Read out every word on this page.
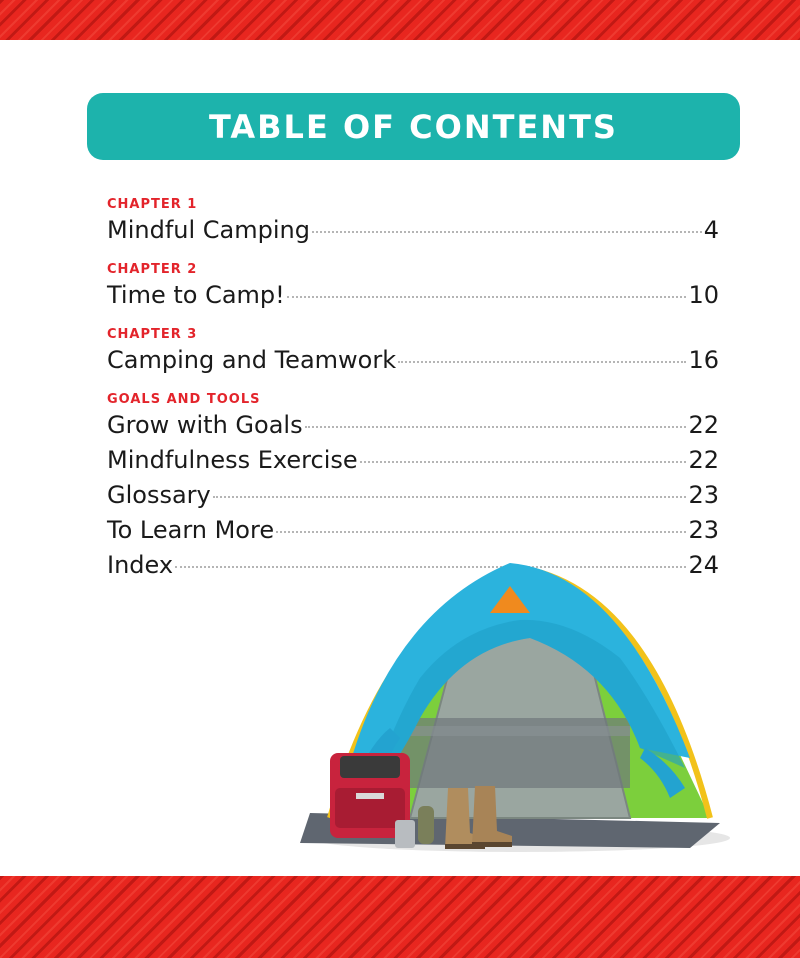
TABLE OF CONTENTS
CHAPTER 1
Mindful Camping	4
CHAPTER 2
Time to Camp!	10
CHAPTER 3
Camping and Teamwork	16
GOALS AND TOOLS
Grow with Goals	22
Mindfulness Exercise	22
Glossary	23
To Learn More	23
Index	24
